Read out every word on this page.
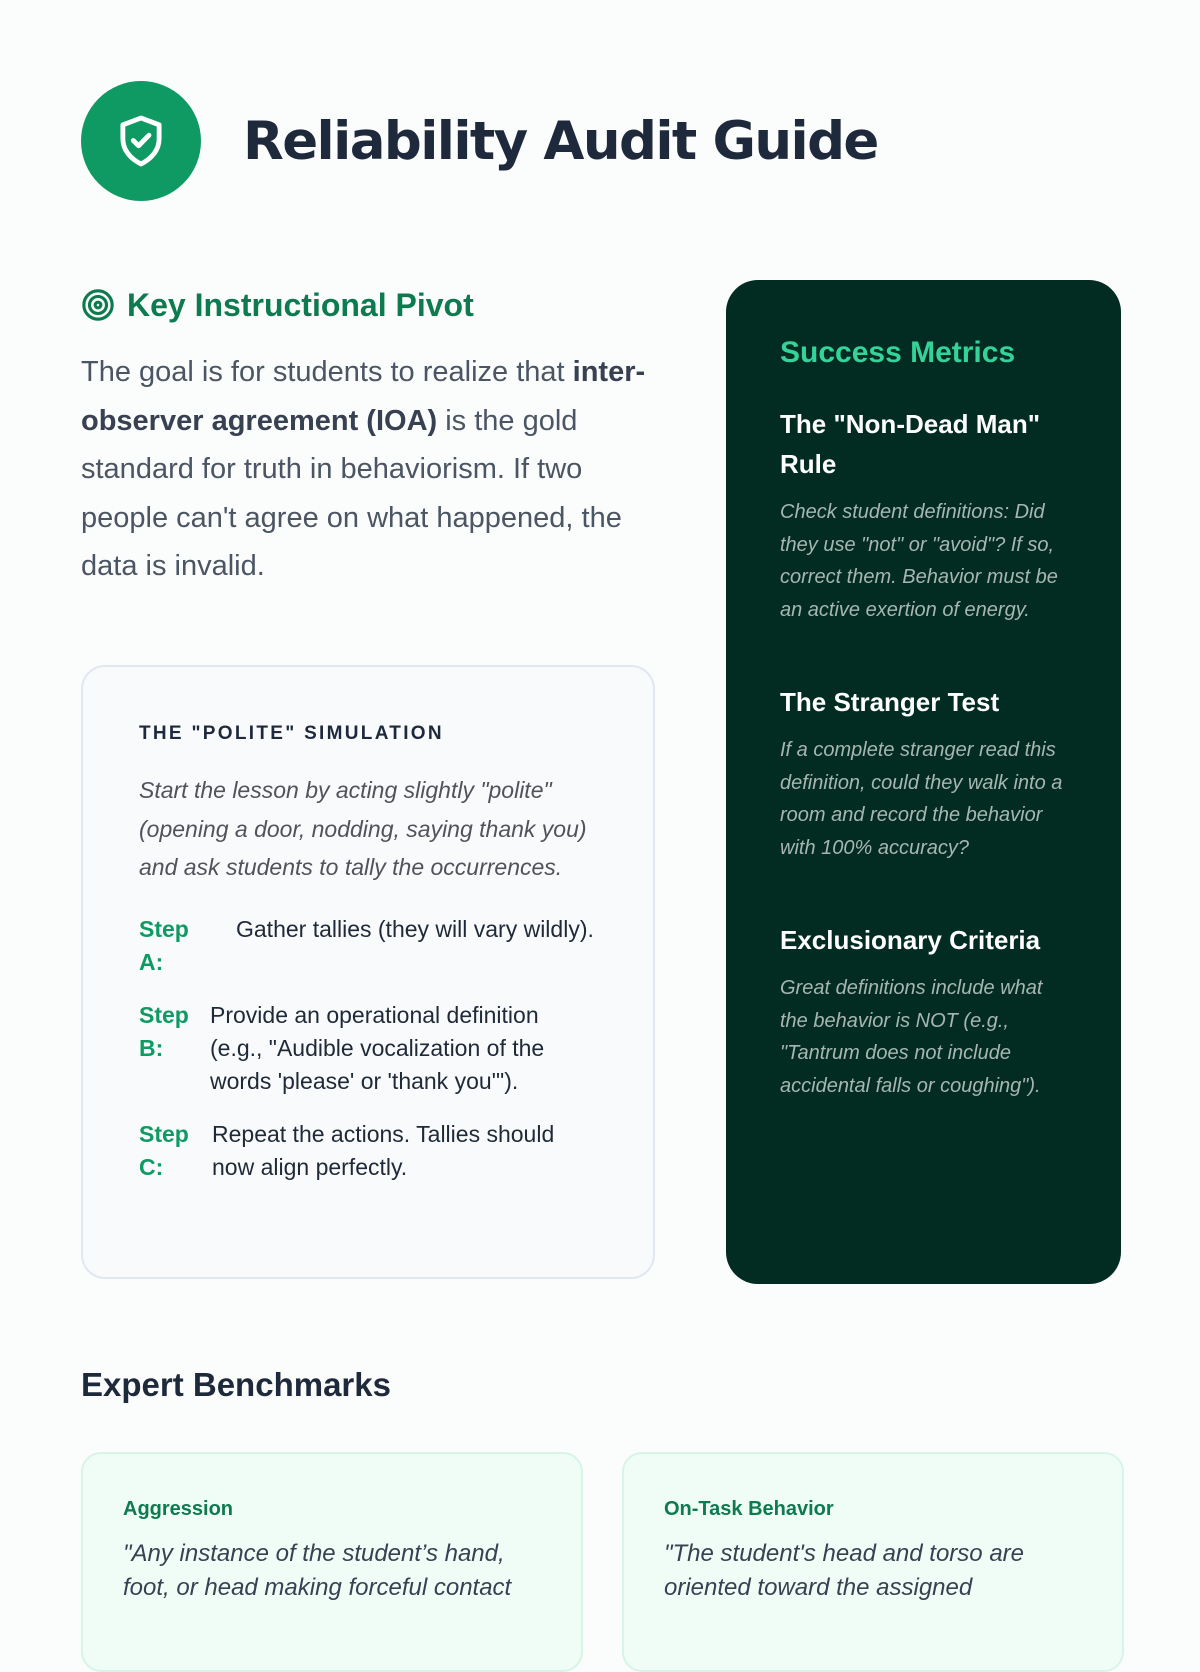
Reliability Audit Guide
Key Instructional Pivot

The goal is for students to realize that inter-observer agreement (IOA) is the gold standard for truth in behaviorism. If two people can't agree on what happened, the data is invalid.

THE "POLITE" SIMULATION

Start the lesson by acting slightly "polite" (opening a door, nodding, saying thank you) and ask students to tally the occurrences.

Step A:
Gather tallies (they will vary wildly).
Step B:
Provide an operational definition (e.g., "Audible vocalization of the words 'please' or 'thank you'").
Step C:
Repeat the actions. Tallies should now align perfectly.
Success Metrics
The "Non-Dead Man" Rule

Check student definitions: Did they use "not" or "avoid"? If so, correct them. Behavior must be an active exertion of energy.

The Stranger Test

If a complete stranger read this definition, could they walk into a room and record the behavior with 100% accuracy?

Exclusionary Criteria

Great definitions include what the behavior is NOT (e.g., "Tantrum does not include accidental falls or coughing").

Expert Benchmarks
Aggression

"Any instance of the student’s hand, foot, or head making forceful contact

On-Task Behavior

"The student's head and torso are oriented toward the assigned
